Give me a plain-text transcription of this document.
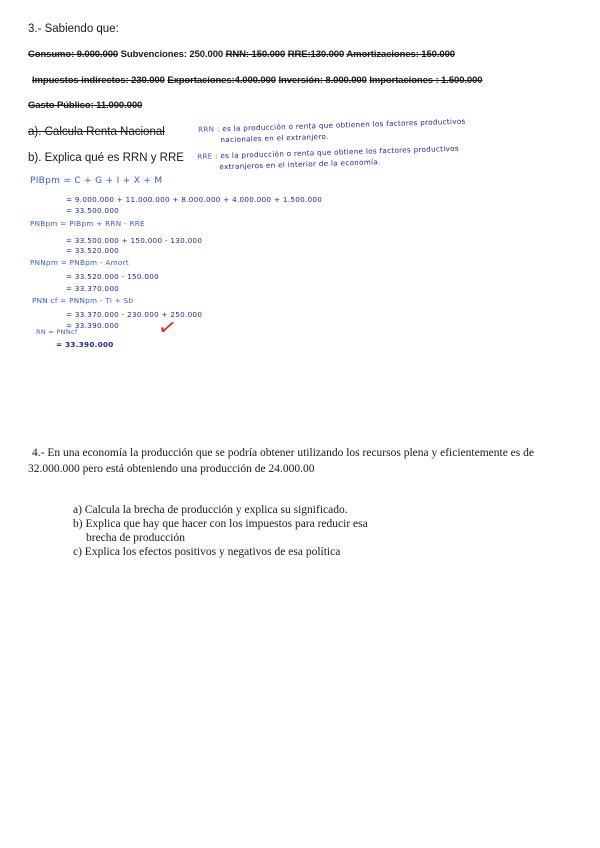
3.- Sabiendo que:
Consumo: 9.000.000 Subvenciones: 250.000 RNN: 150.000 RRE:130.000 Amortizaciones: 150.000
Impuestos indirectos: 230.000 Exportaciones:4.000.000 Inversión: 8.000.000 Importaciones : 1.500.000
Gasto Público: 11.000.000
a). Calcula Renta Nacional
b). Explica qué es RRN y RRE
RRN : es la producción o renta que obtienen los factores productivos
nacionales en el extranjero.
RRE : es la producción o renta que obtiene los factores productivos
extranjeros en el interior de la economía.
PIBpm = C + G + I + X + M
= 9.000.000 + 11.000.000 + 8.000.000 + 4.000.000 + 1.500.000
= 33.500.000
PNBpm = PIBpm + RRN - RRE
= 33.500.000 + 150.000 - 130.000
= 33.520.000
PNNpm = PNBpm - Amort
= 33.520.000 - 150.000
= 33.370.000
PNN cf = PNNpm - Ti + Sb
= 33.370.000 - 230.000 + 250.000
= 33.390.000
RN = PNNcf
= 33.390.000
✓
4.- En una economía la producción que se podría obtener utilizando los recursos plena y eficientemente es de
32.000.000 pero está obteniendo una producción de 24.000.00
a) Calcula la brecha de producción y explica su significado.
b) Explica que hay que hacer con los impuestos para reducir esa
brecha de producción
c) Explica los efectos positivos y negativos de esa política
